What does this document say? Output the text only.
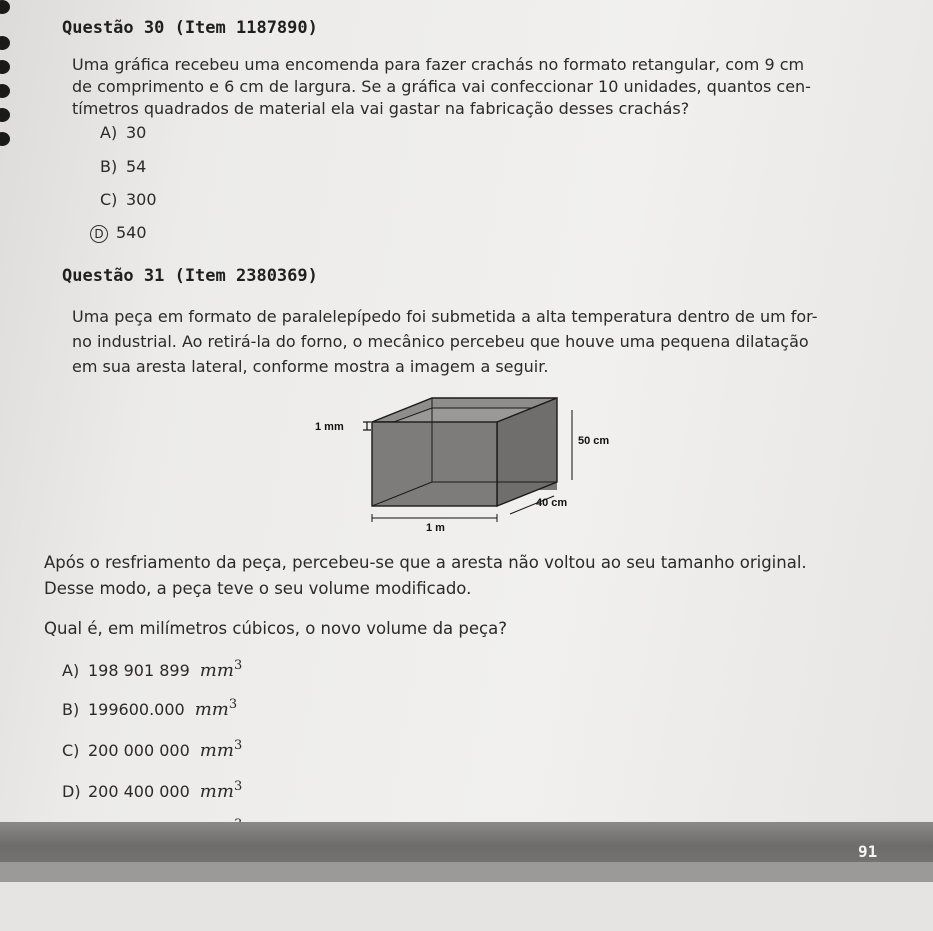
Questão 30 (Item 1187890)

Uma gráfica recebeu uma encomenda para fazer crachás no formato retangular, com 9 cm

de comprimento e 6 cm de largura. Se a gráfica vai confeccionar 10 unidades, quantos cen-

tímetros quadrados de material ela vai gastar na fabricação desses crachás?

A) 30
B) 54
C) 300
D 540
Questão 31 (Item 2380369)

Uma peça em formato de paralelepípedo foi submetida a alta temperatura dentro de um for-

no industrial. Ao retirá-la do forno, o mecânico percebeu que houve uma pequena dilatação

em sua aresta lateral, conforme mostra a imagem a seguir.

1 mm
50 cm
40 cm
1 m

Após o resfriamento da peça, percebeu-se que a aresta não voltou ao seu tamanho original.

Desse modo, a peça teve o seu volume modificado.

Qual é, em milímetros cúbicos, o novo volume da peça?

A) 198 901 899 $mm^3$
B) 199600.000 $mm^3$
C) 200 000 000 $mm^3$
D) 200 400 000 $mm^3$
91
